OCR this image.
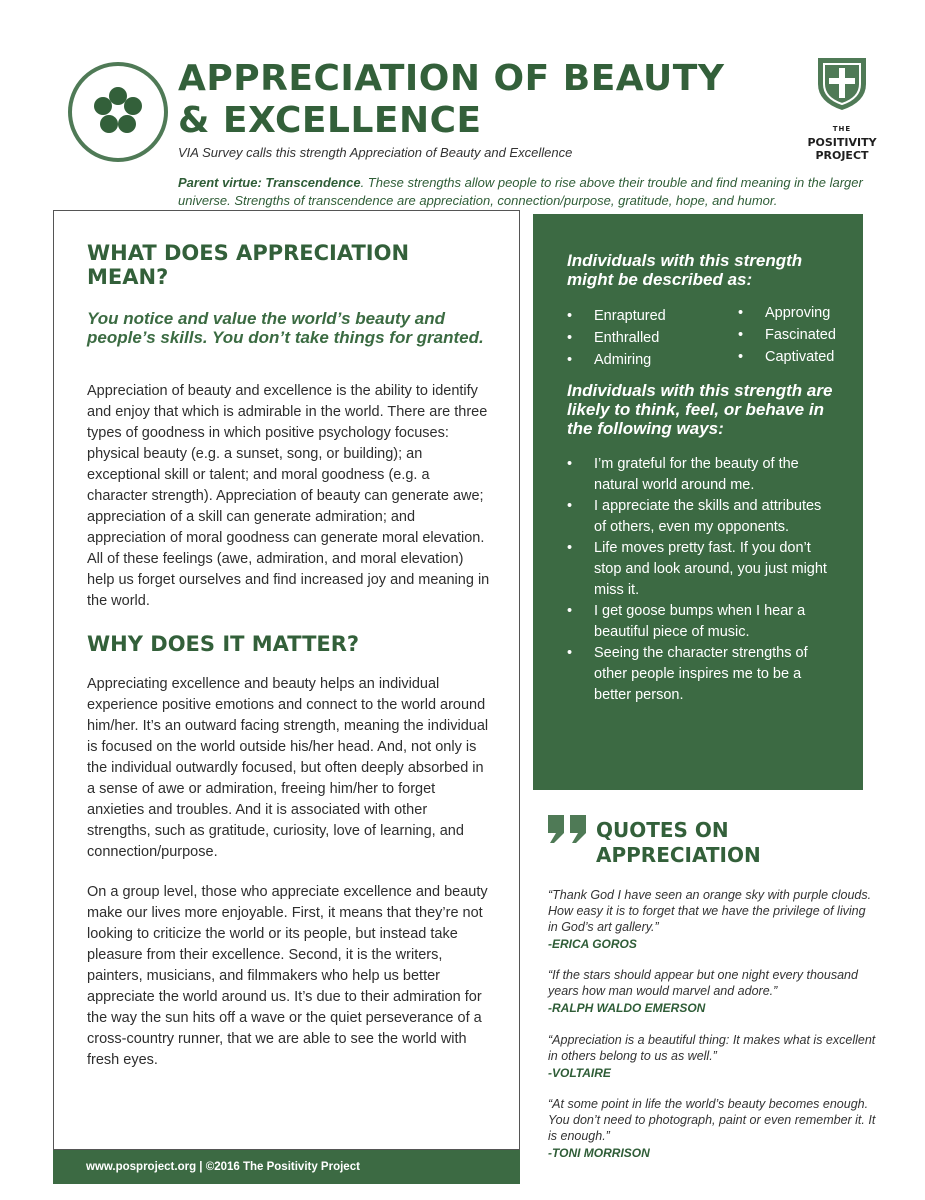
APPRECIATION OF BEAUTY
& EXCELLENCE
VIA Survey calls this strength Appreciation of Beauty and Excellence
Parent virtue: Transcendence. These strengths allow people to rise above their trouble and find meaning in the larger universe. Strengths of transcendence are appreciation, connection/purpose, gratitude, hope, and humor.
THE
POSITIVITY
PROJECT
WHAT DOES APPRECIATION MEAN?
You notice and value the world’s beauty and people’s skills. You don’t take things for granted.
Appreciation of beauty and excellence is the ability to identify and enjoy that which is admirable in the world. There are three types of goodness in which positive psychology focuses: physical beauty (e.g. a sunset, song, or building); an exceptional skill or talent; and moral goodness (e.g. a character strength). Appreciation of beauty can generate awe; appreciation of a skill can generate admiration; and appreciation of moral goodness can generate moral elevation. All of these feelings (awe, admiration, and moral elevation) help us forget ourselves and find increased joy and meaning in the world.
WHY DOES IT MATTER?
Appreciating excellence and beauty helps an individual experience positive emotions and connect to the world around him/her. It’s an outward facing strength, meaning the individual is focused on the world outside his/her head. And, not only is the individual outwardly focused, but often deeply absorbed in a sense of awe or admiration, freeing him/her to forget anxieties and troubles. And it is associated with other strengths, such as gratitude, curiosity, love of learning, and connection/purpose.
On a group level, those who appreciate excellence and beauty make our lives more enjoyable. First, it means that they’re not looking to criticize the world or its people, but instead take pleasure from their excellence. Second, it is the writers, painters, musicians, and filmmakers who help us better appreciate the world around us. It’s due to their admiration for the way the sun hits off a wave or the quiet perseverance of a cross-country runner, that we are able to see the world with fresh eyes.
www.posproject.org | ©2016 The Positivity Project
Individuals with this strength might be described as:
• Enraptured
• Enthralled
• Admiring
• Approving
• Fascinated
• Captivated
Individuals with this strength are likely to think, feel, or behave in the following ways:
• I’m grateful for the beauty of the natural world around me.
• I appreciate the skills and attributes of others, even my opponents.
• Life moves pretty fast. If you don’t stop and look around, you just might miss it.
• I get goose bumps when I hear a beautiful piece of music.
• Seeing the character strengths of other people inspires me to be a better person.
QUOTES ON
APPRECIATION
“Thank God I have seen an orange sky with purple clouds. How easy it is to forget that we have the privilege of living in God’s art gallery.”
-ERICA GOROS
“If the stars should appear but one night every thousand years how man would marvel and adore.”
-RALPH WALDO EMERSON
“Appreciation is a beautiful thing: It makes what is excellent in others belong to us as well.”
-VOLTAIRE
“At some point in life the world’s beauty becomes enough. You don’t need to photograph, paint or even remember it. It is enough.”
-TONI MORRISON
